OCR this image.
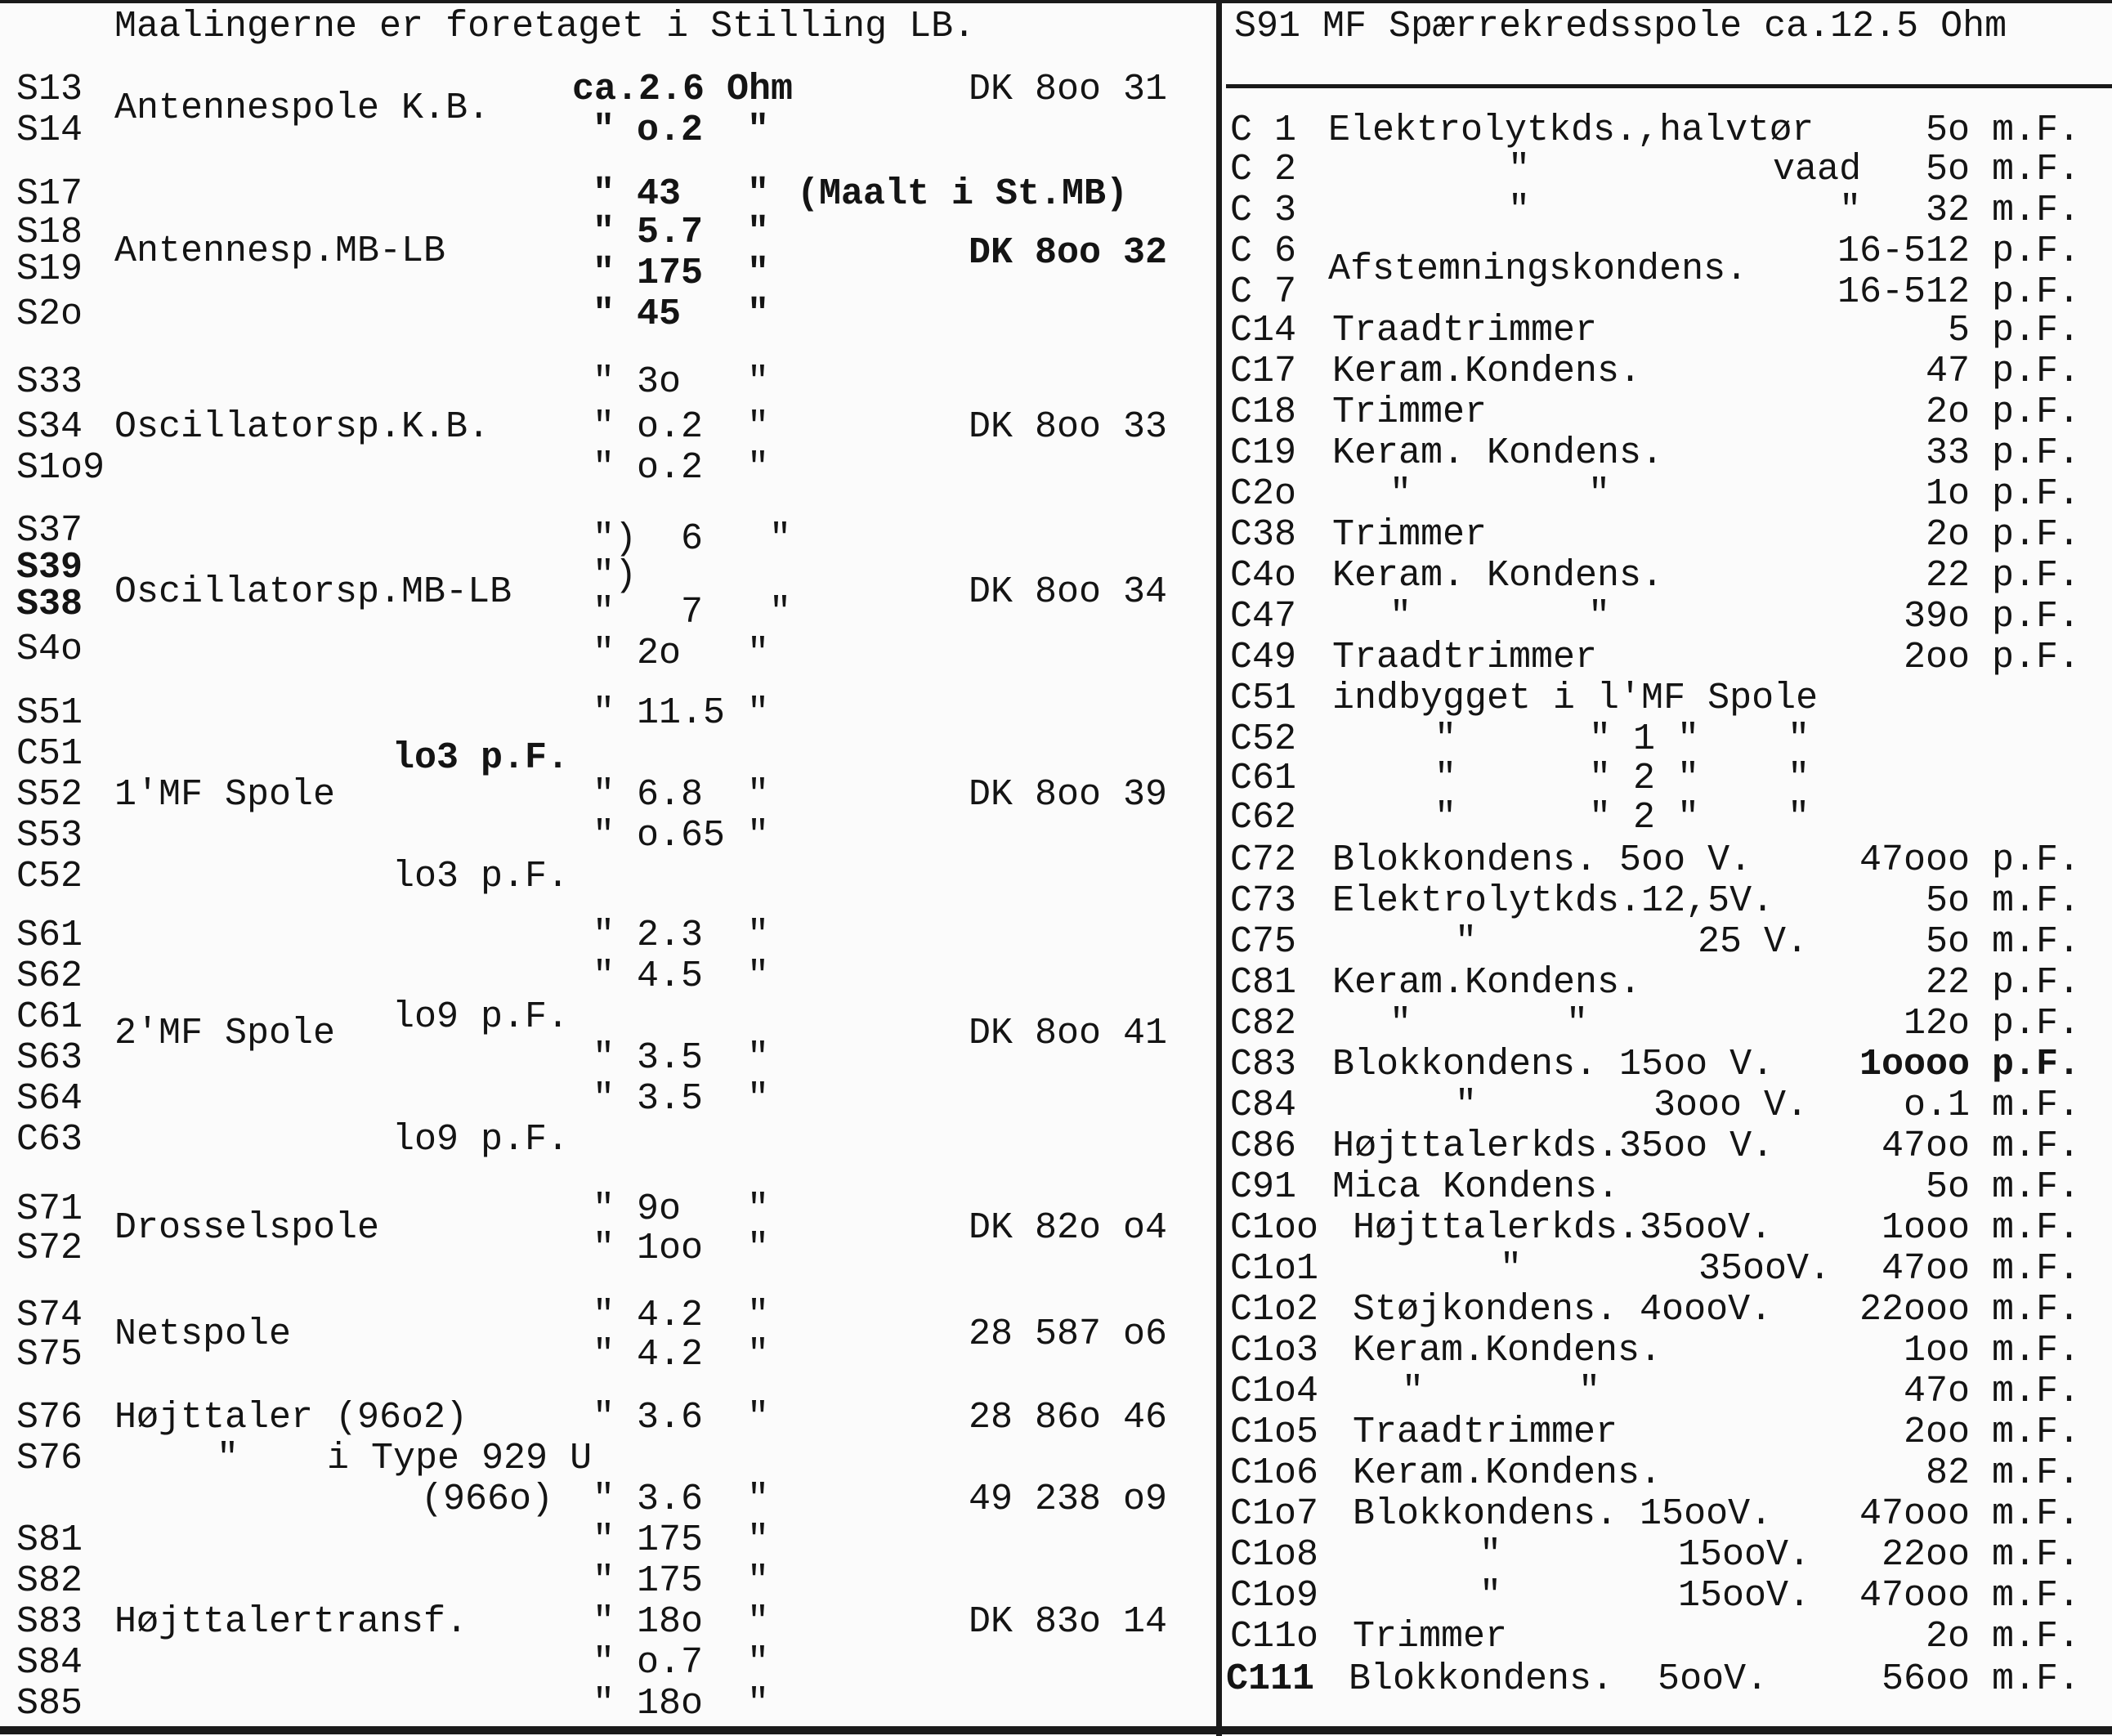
Maalingerne er foretaget i Stilling LB.
S13
S14
S17
S18
S19
S2o
S33
S34
S1o9
S37
S39
S38
S4o
S51
C51
S52
S53
C52
S61
S62
C61
S63
S64
C63
S71
S72
S74
S75
S76
S76
S81
S82
S83
S84
S85
Antennespole K.B.
Antennesp.MB-LB
Oscillatorsp.K.B.
Oscillatorsp.MB-LB
1'MF Spole
2'MF Spole
Drosselspole
Netspole
Højttaler (96o2)
"    i Type 929 U
(966o)
Højttalertransf.
ca.2.6 Ohm
" o.2  "
" 43   " (Maalt i St.MB)
" 5.7  "
" 175  "
" 45   "
" 3o   "
" o.2  "
" o.2  "
")  6   "
")
"   7   "
" 2o   "
" 11.5 "
lo3 p.F.
" 6.8  "
" o.65 "
lo3 p.F.
" 2.3  "
" 4.5  "
lo9 p.F.
" 3.5  "
" 3.5  "
lo9 p.F.
" 9o   "
" 1oo  "
" 4.2  "
" 4.2  "
" 3.6  "
" 3.6  "
" 175  "
" 175  "
" 18o  "
" o.7  "
" 18o  "
DK 8oo 31
DK 8oo 32
DK 8oo 33
DK 8oo 34
DK 8oo 39
DK 8oo 41
DK 82o o4
28 587 o6
28 86o 46
49 238 o9
DK 83o 14
S91 MF Spærrekredsspole ca.12.5 Ohm
C 1
C 2
C 3
C 6
C 7
C14
C17
C18
C19
C2o
C38
C4o
C47
C49
C51
C52
C61
C62
C72
C73
C75
C81
C82
C83
C84
C86
C91
C1oo
C1o1
C1o2
C1o3
C1o4
C1o5
C1o6
C1o7
C1o8
C1o9
C11o
C111
Elektrolytkds.,halvtør
"           vaad
"              "
Afstemningskondens.
Traadtrimmer
Keram.Kondens.
Trimmer
Keram. Kondens.
"        "
Trimmer
Keram. Kondens.
"        "
Traadtrimmer
indbygget i l'MF Spole
"      " 1 "    "
"      " 2 "    "
"      " 2 "    "
Blokkondens. 5oo V.
Elektrolytkds.12,5V.
"          25 V.
Keram.Kondens.
"       "
Blokkondens. 15oo V.
"        3ooo V.
Højttalerkds.35oo V.
Mica Kondens.
Højttalerkds.35ooV.
"        35ooV.
Støjkondens. 4oooV.
Keram.Kondens.
"       "
Traadtrimmer
Keram.Kondens.
Blokkondens. 15ooV.
"        15ooV.
"        15ooV.
Trimmer
Blokkondens.  5ooV.
5o m.F.
5o m.F.
32 m.F.
16-512 p.F.
16-512 p.F.
5 p.F.
47 p.F.
2o p.F.
33 p.F.
1o p.F.
2o p.F.
22 p.F.
39o p.F.
2oo p.F.
47ooo p.F.
5o m.F.
5o m.F.
22 p.F.
12o p.F.
1oooo p.F.
o.1 m.F.
47oo m.F.
5o m.F.
1ooo m.F.
47oo m.F.
22ooo m.F.
1oo m.F.
47o m.F.
2oo m.F.
82 m.F.
47ooo m.F.
22oo m.F.
47ooo m.F.
2o m.F.
56oo m.F.
